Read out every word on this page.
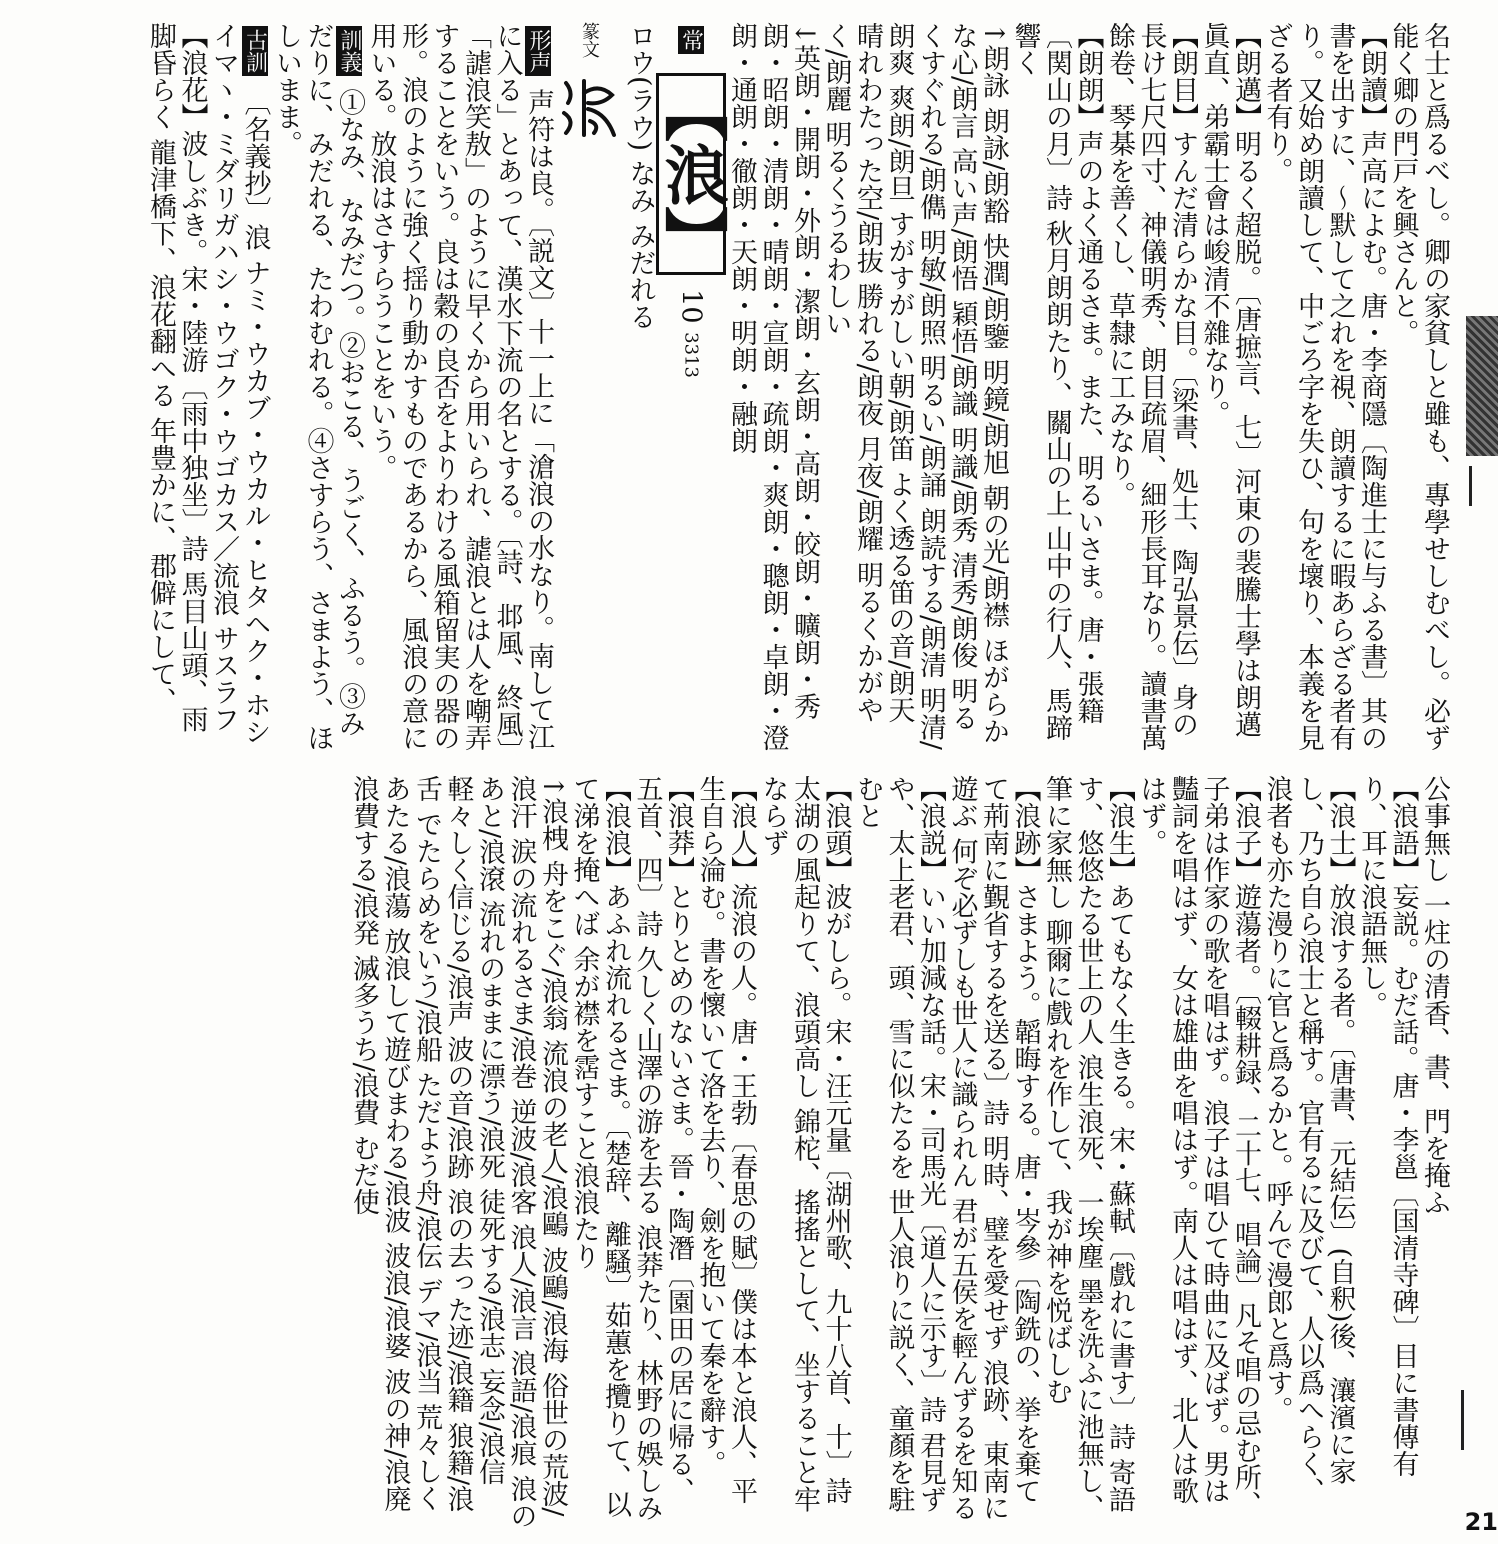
名士と爲るべし。卿の家貧しと雖も、專學せしむべし。必ず能く卿の門戸を興さんと。
【朗讀】声高によむ。唐・李商隱〔陶進士に与ふる書〕其の書を出すに、～默して之れを視、朗讀するに暇あらざる者有り。又始め朗讀して、中ごろ字を失ひ、句を壞り、本義を見ざる者有り。
【朗邁】明るく超脱。〔唐摭言、七〕河東の裴騰士學は朗邁眞直、弟霸士會は峻清不雜なり。
【朗目】すんだ清らかな目。〔梁書、処士、陶弘景伝〕身の長け七尺四寸、神儀明秀、朗目疏眉、細形長耳なり。讀書萬餘卷、琴棊を善くし、草隸に工みなり。
【朗朗】声のよく通るさま。また、明るいさま。唐・張籍〔関山の月〕詩 秋月朗朗たり、關山の上 山中の行人、馬蹄響く
↑朗詠 朗詠/朗豁 快潤/朗鑒 明鏡/朗旭 朝の光/朗襟 ほがらかな心/朗言 高い声/朗悟 穎悟/朗識 明識/朗秀 清秀/朗俊 明るくすぐれる/朗儁 明敏/朗照 明るい/朗誦 朗読する/朗清 明清/朗爽 爽朗/朗旦 すがすがしい朝/朗笛 よく透る笛の音/朗天 晴れわたった空/朗抜 勝れる/朗夜 月夜/朗耀 明るくかがやく/朗麗 明るくうるわしい
↓英朗・開朗・外朗・潔朗・玄朗・高朗・皎朗・曠朗・秀朗・昭朗・清朗・晴朗・宣朗・疏朗・爽朗・聰朗・卓朗・澄朗・通朗・徹朗・天朗・明朗・融朗
常 【浪】 10 3313
ロウ(ラウ) なみ みだれる
篆文
形声 声符は良。〔説文〕十一上に「滄浪の水なり。南して江に入る」とあって、漢水下流の名とする。〔詩、邶風、終風〕「謔浪笑敖」のように早くから用いられ、謔浪とは人を嘲弄することをいう。良は穀の良否をよりわける風箱留実の器の形。浪のように強く揺り動かすものであるから、風浪の意に用いる。放浪はさすらうことをいう。
訓義 ①なみ、なみだつ。②おこる、うごく、ふるう。③みだりに、みだれる、たわむれる。④さすらう、さまよう、ほしいまま。
古訓 〔名義抄〕浪 ナミ・ウカブ・ウカル・ヒタヘク・ホシイマヽ・ミダリガハシ・ウゴク・ウゴカス／流浪 サスラフ
【浪花】波しぶき。宋・陸游〔雨中独坐〕詩 馬目山頭、雨脚昏らく 龍津橋下、浪花翻へる 年豊かに、郡僻にして、
公事無し 一炷の清香、書、門を掩ふ
【浪語】妄説。むだ話。唐・李邕〔国清寺碑〕目に書傳有り、耳に浪語無し。
【浪士】放浪する者。〔唐書、元結伝〕(自釈)後、瀼濱に家し、乃ち自ら浪士と稱す。官有るに及びて、人以爲へらく、浪者も亦た漫りに官と爲るかと。呼んで漫郎と爲す。
【浪子】遊蕩者。〔輟耕録、二十七、唱論〕凡そ唱の忌む所、子弟は作家の歌を唱はず。浪子は唱ひて時曲に及ばず。男は豔詞を唱はず、女は雄曲を唱はず。南人は唱はず、北人は歌はず。
【浪生】あてもなく生きる。宋・蘇軾〔戲れに書す〕詩 寄語す、悠悠たる世上の人 浪生浪死、一埃塵 墨を洗ふに池無し、筆に家無し 聊爾に戲れを作して、我が神を悦ばしむ
【浪跡】さまよう。韜晦する。唐・岑參〔陶銑の、挙を棄てて荊南に覲省するを送る〕詩 明時、璧を愛せず 浪跡、東南に遊ぶ 何ぞ必ずしも世人に識られん 君が五侯を輕んずるを知る
【浪説】いい加減な話。宋・司馬光〔道人に示す〕詩 君見ずや、太上老君、頭、雪に似たるを 世人浪りに説く、童顏を駐むと
【浪頭】波がしら。宋・汪元量〔湖州歌、九十八首、十〕詩 太湖の風起りて、浪頭高し 錦柁、搖搖として、坐すること牢ならず
【浪人】流浪の人。唐・王勃〔春思の賦〕僕は本と浪人、平生自ら淪む。書を懷いて洛を去り、劍を抱いて秦を辭す。
【浪莽】とりとめのないさま。晉・陶潛〔園田の居に帰る、五首、四〕詩 久しく山澤の游を去る 浪莽たり、林野の娛しみ
【浪浪】あふれ流れるさま。〔楚辞、離騷〕茹蕙を攬りて、以て涕を掩へば 余が襟を霑すこと浪浪たり
↑浪栧 舟をこぐ/浪翁 流浪の老人/浪鷗 波鷗/浪海 俗世の荒波/浪汗 涙の流れるさま/浪巻 逆波/浪客 浪人/浪言 浪語/浪痕 浪のあと/浪滾 流れのままに漂う/浪死 徒死する/浪志 妄念/浪信 軽々しく信じる/浪声 波の音/浪跡 浪の去った迹/浪籍 狼籍/浪舌 でたらめをいう/浪船 ただよう舟/浪伝 デマ/浪当 荒々しくあたる/浪蕩 放浪して遊びまわる/浪波 波浪/浪婆 波の神/浪廃 浪費する/浪発 滅多うち/浪費 むだ使
21
